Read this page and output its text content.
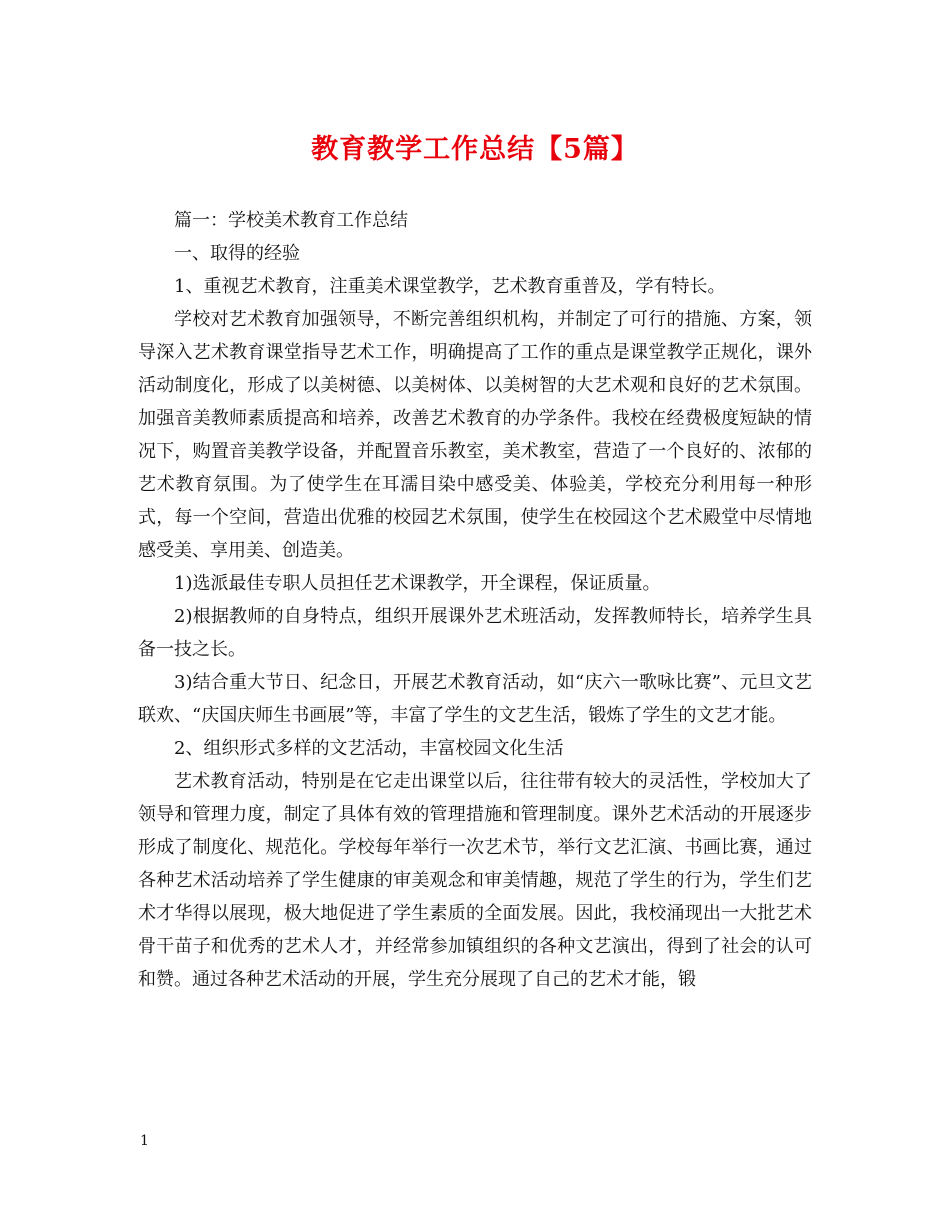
教育教学工作总结【5篇】

篇一：学校美术教育工作总结

一、取得的经验

1、重视艺术教育，注重美术课堂教学，艺术教育重普及，学有特长。

学校对艺术教育加强领导，不断完善组织机构，并制定了可行的措施、方案，领导深入艺术教育课堂指导艺术工作，明确提高了工作的重点是课堂教学正规化，课外活动制度化，形成了以美树德、以美树体、以美树智的大艺术观和良好的艺术氛围。加强音美教师素质提高和培养，改善艺术教育的办学条件。我校在经费极度短缺的情况下，购置音美教学设备，并配置音乐教室，美术教室，营造了一个良好的、浓郁的艺术教育氛围。为了使学生在耳濡目染中感受美、体验美，学校充分利用每一种形式，每一个空间，营造出优雅的校园艺术氛围，使学生在校园这个艺术殿堂中尽情地感受美、享用美、创造美。

1)选派最佳专职人员担任艺术课教学，开全课程，保证质量。

2)根据教师的自身特点，组织开展课外艺术班活动，发挥教师特长，培养学生具备一技之长。

3)结合重大节日、纪念日，开展艺术教育活动，如“庆六一歌咏比赛”、元旦文艺联欢、“庆国庆师生书画展”等，丰富了学生的文艺生活，锻炼了学生的文艺才能。

2、组织形式多样的文艺活动，丰富校园文化生活

艺术教育活动，特别是在它走出课堂以后，往往带有较大的灵活性，学校加大了领导和管理力度，制定了具体有效的管理措施和管理制度。课外艺术活动的开展逐步形成了制度化、规范化。学校每年举行一次艺术节，举行文艺汇演、书画比赛，通过各种艺术活动培养了学生健康的审美观念和审美情趣，规范了学生的行为，学生们艺术才华得以展现，极大地促进了学生素质的全面发展。因此，我校涌现出一大批艺术骨干苗子和优秀的艺术人才，并经常参加镇组织的各种文艺演出，得到了社会的认可和赞。通过各种艺术活动的开展，学生充分展现了自己的艺术才能，锻

1
